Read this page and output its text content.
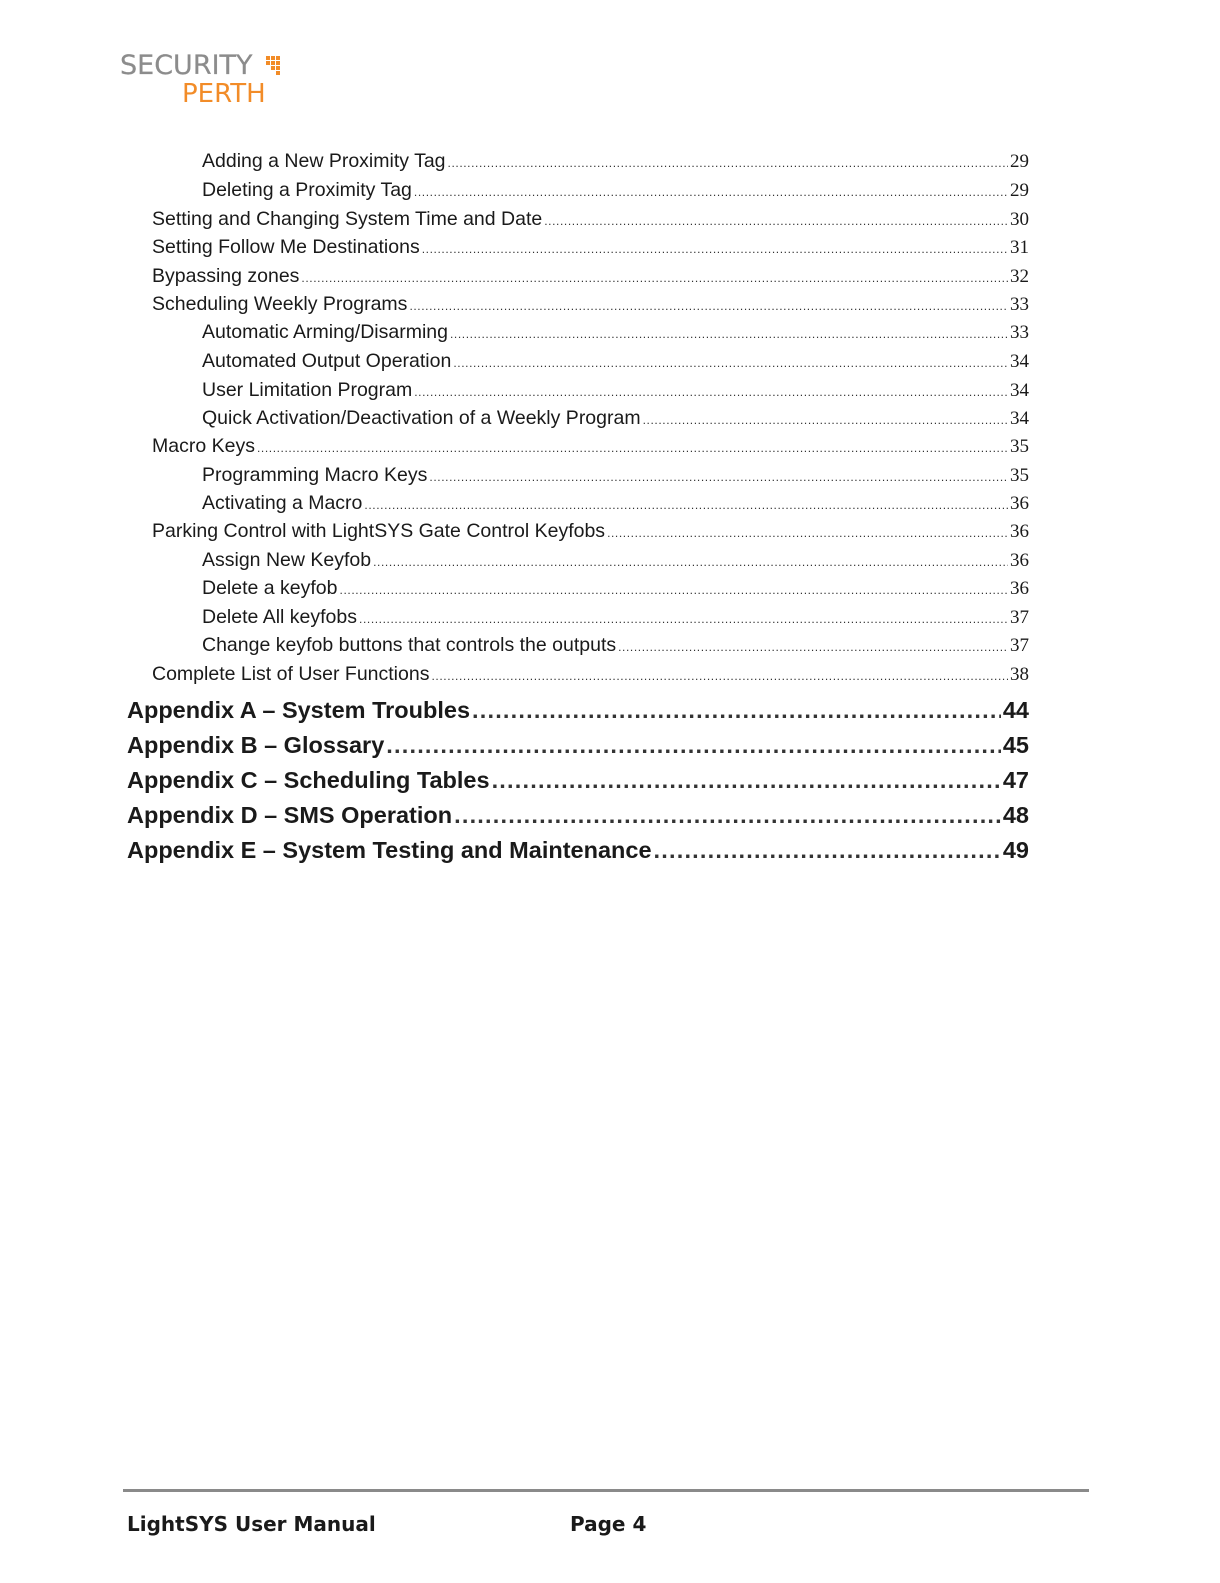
SECURITY
PERTH
Adding a New Proximity Tag .....	29
Deleting a Proximity Tag .....	29
Setting and Changing System Time and Date .....	30
Setting Follow Me Destinations .....	31
Bypassing zones .....	32
Scheduling Weekly Programs .....	33
Automatic Arming/Disarming .....	33
Automated Output Operation .....	34
User Limitation Program .....	34
Quick Activation/Deactivation of a Weekly Program .....	34
Macro Keys .....	35
Programming Macro Keys .....	35
Activating a Macro .....	36
Parking Control with LightSYS Gate Control Keyfobs .....	36
Assign New Keyfob .....	36
Delete a keyfob .....	36
Delete All keyfobs .....	37
Change keyfob buttons that controls the outputs .....	37
Complete List of User Functions .....	38
Appendix A – System Troubles .....	44
Appendix B – Glossary .....	45
Appendix C – Scheduling Tables .....	47
Appendix D – SMS Operation .....	48
Appendix E – System Testing and Maintenance .....	49
LightSYS User Manual	Page 4
